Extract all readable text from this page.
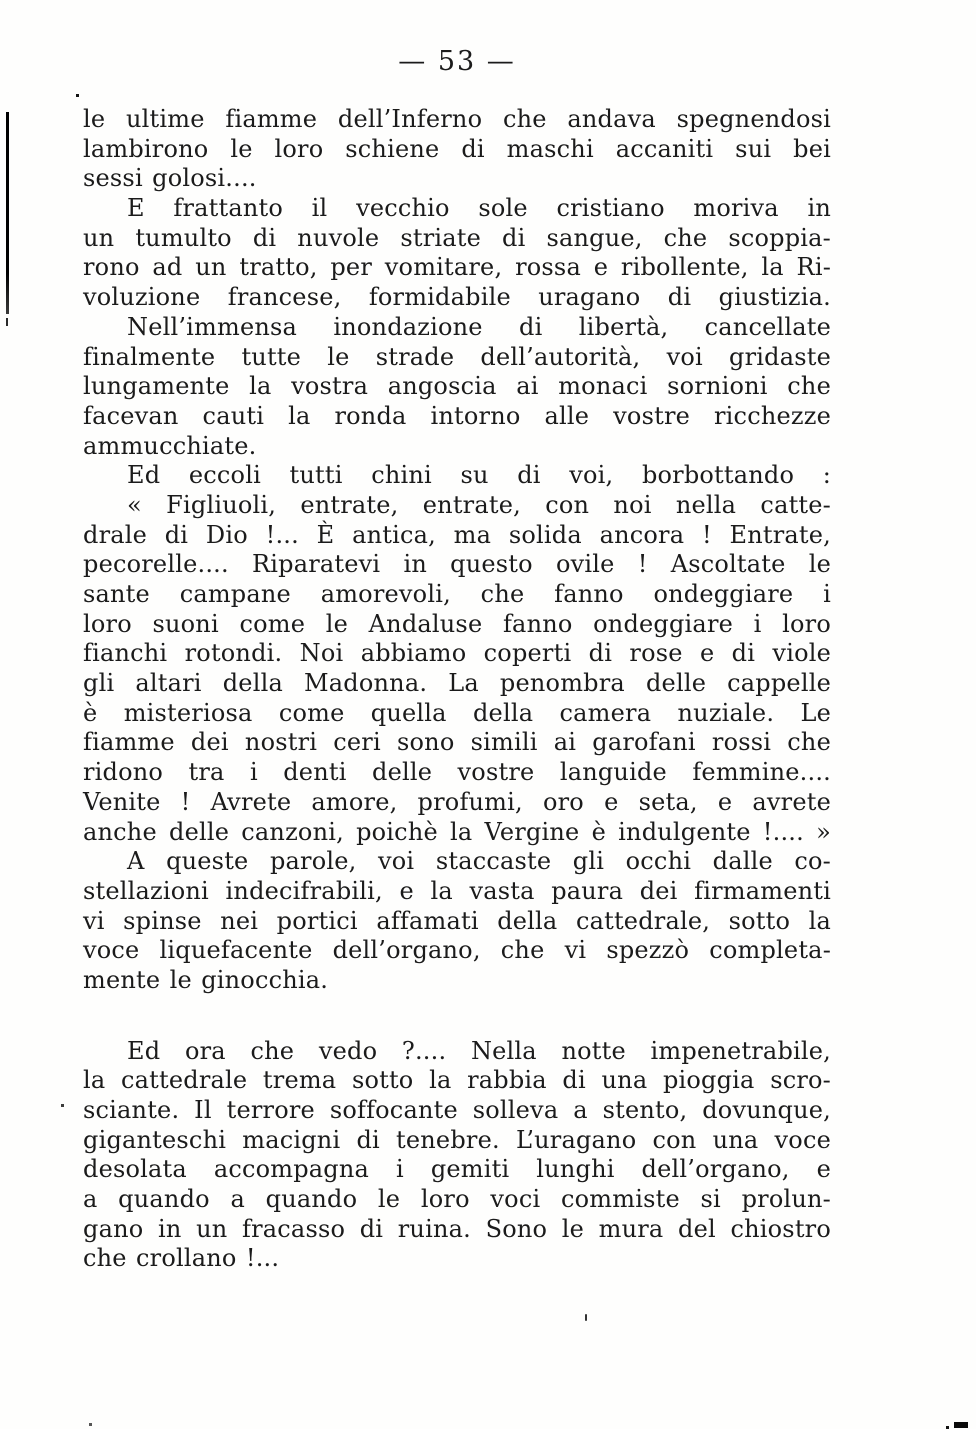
— 53 —
le ultime fiamme dell’Inferno che andava spegnendosi
lambirono le loro schiene di maschi accaniti sui bei
sessi golosi....
E frattanto il vecchio sole cristiano moriva in
un tumulto di nuvole striate di sangue, che scoppia-
rono ad un tratto, per vomitare, rossa e ribollente, la Ri-
voluzione francese, formidabile uragano di giustizia.
Nell’immensa inondazione di libertà, cancellate
finalmente tutte le strade dell’autorità, voi gridaste
lungamente la vostra angoscia ai monaci sornioni che
facevan cauti la ronda intorno alle vostre ricchezze
ammucchiate.
Ed eccoli tutti chini su di voi, borbottando :
« Figliuoli, entrate, entrate, con noi nella catte-
drale di Dio !... È antica, ma solida ancora ! Entrate,
pecorelle.... Riparatevi in questo ovile ! Ascoltate le
sante campane amorevoli, che fanno ondeggiare i
loro suoni come le Andaluse fanno ondeggiare i loro
fianchi rotondi. Noi abbiamo coperti di rose e di viole
gli altari della Madonna. La penombra delle cappelle
è misteriosa come quella della camera nuziale. Le
fiamme dei nostri ceri sono simili ai garofani rossi che
ridono tra i denti delle vostre languide femmine....
Venite ! Avrete amore, profumi, oro e seta, e avrete
anche delle canzoni, poichè la Vergine è indulgente !.... »
A queste parole, voi staccaste gli occhi dalle co-
stellazioni indecifrabili, e la vasta paura dei firmamenti
vi spinse nei portici affamati della cattedrale, sotto la
voce liquefacente dell’organo, che vi spezzò completa-
mente le ginocchia.
Ed ora che vedo ?.... Nella notte impenetrabile,
la cattedrale trema sotto la rabbia di una pioggia scro-
sciante. Il terrore soffocante solleva a stento, dovunque,
giganteschi macigni di tenebre. L’uragano con una voce
desolata accompagna i gemiti lunghi dell’organo, e
a quando a quando le loro voci commiste si prolun-
gano in un fracasso di ruina. Sono le mura del chiostro
che crollano !...
